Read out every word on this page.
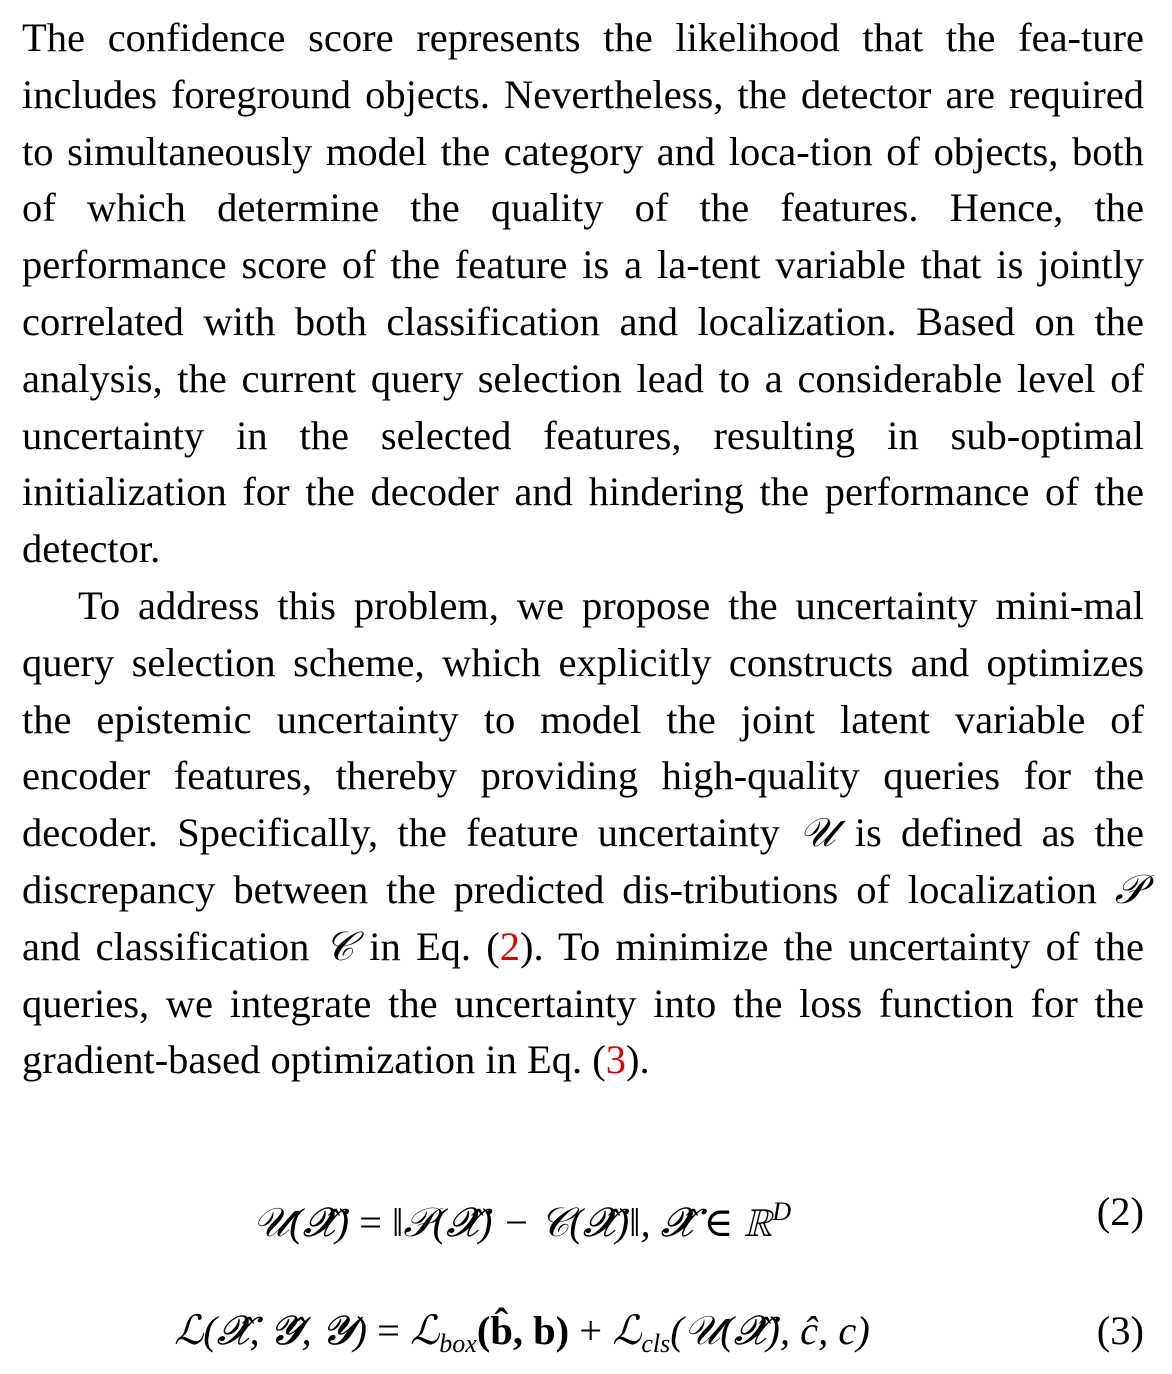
The confidence score represents the likelihood that the fea-ture includes foreground objects. Nevertheless, the detector are required to simultaneously model the category and loca-tion of objects, both of which determine the quality of the features. Hence, the performance score of the feature is a la-tent variable that is jointly correlated with both classification and localization. Based on the analysis, the current query selection lead to a considerable level of uncertainty in the selected features, resulting in sub-optimal initialization for the decoder and hindering the performance of the detector.

To address this problem, we propose the uncertainty mini-mal query selection scheme, which explicitly constructs and optimizes the epistemic uncertainty to model the joint latent variable of encoder features, thereby providing high-quality queries for the decoder. Specifically, the feature uncertainty 𝒰 is defined as the discrepancy between the predicted dis-tributions of localization 𝒫 and classification 𝒞 in Eq. (2). To minimize the uncertainty of the queries, we integrate the uncertainty into the loss function for the gradient-based optimization in Eq. (3).

𝒰(𝓧̂) = ‖𝒫(𝓧̂) − 𝒞(𝓧̂)‖, 𝓧̂ ∈ ℝ$^D$	(2)
ℒ(𝓧̂, 𝓨̂, 𝓨) = ℒ$_{box}$(b̂, b) + ℒ$_{cls}$(𝒰(𝓧̂), ĉ, c)	(3)
